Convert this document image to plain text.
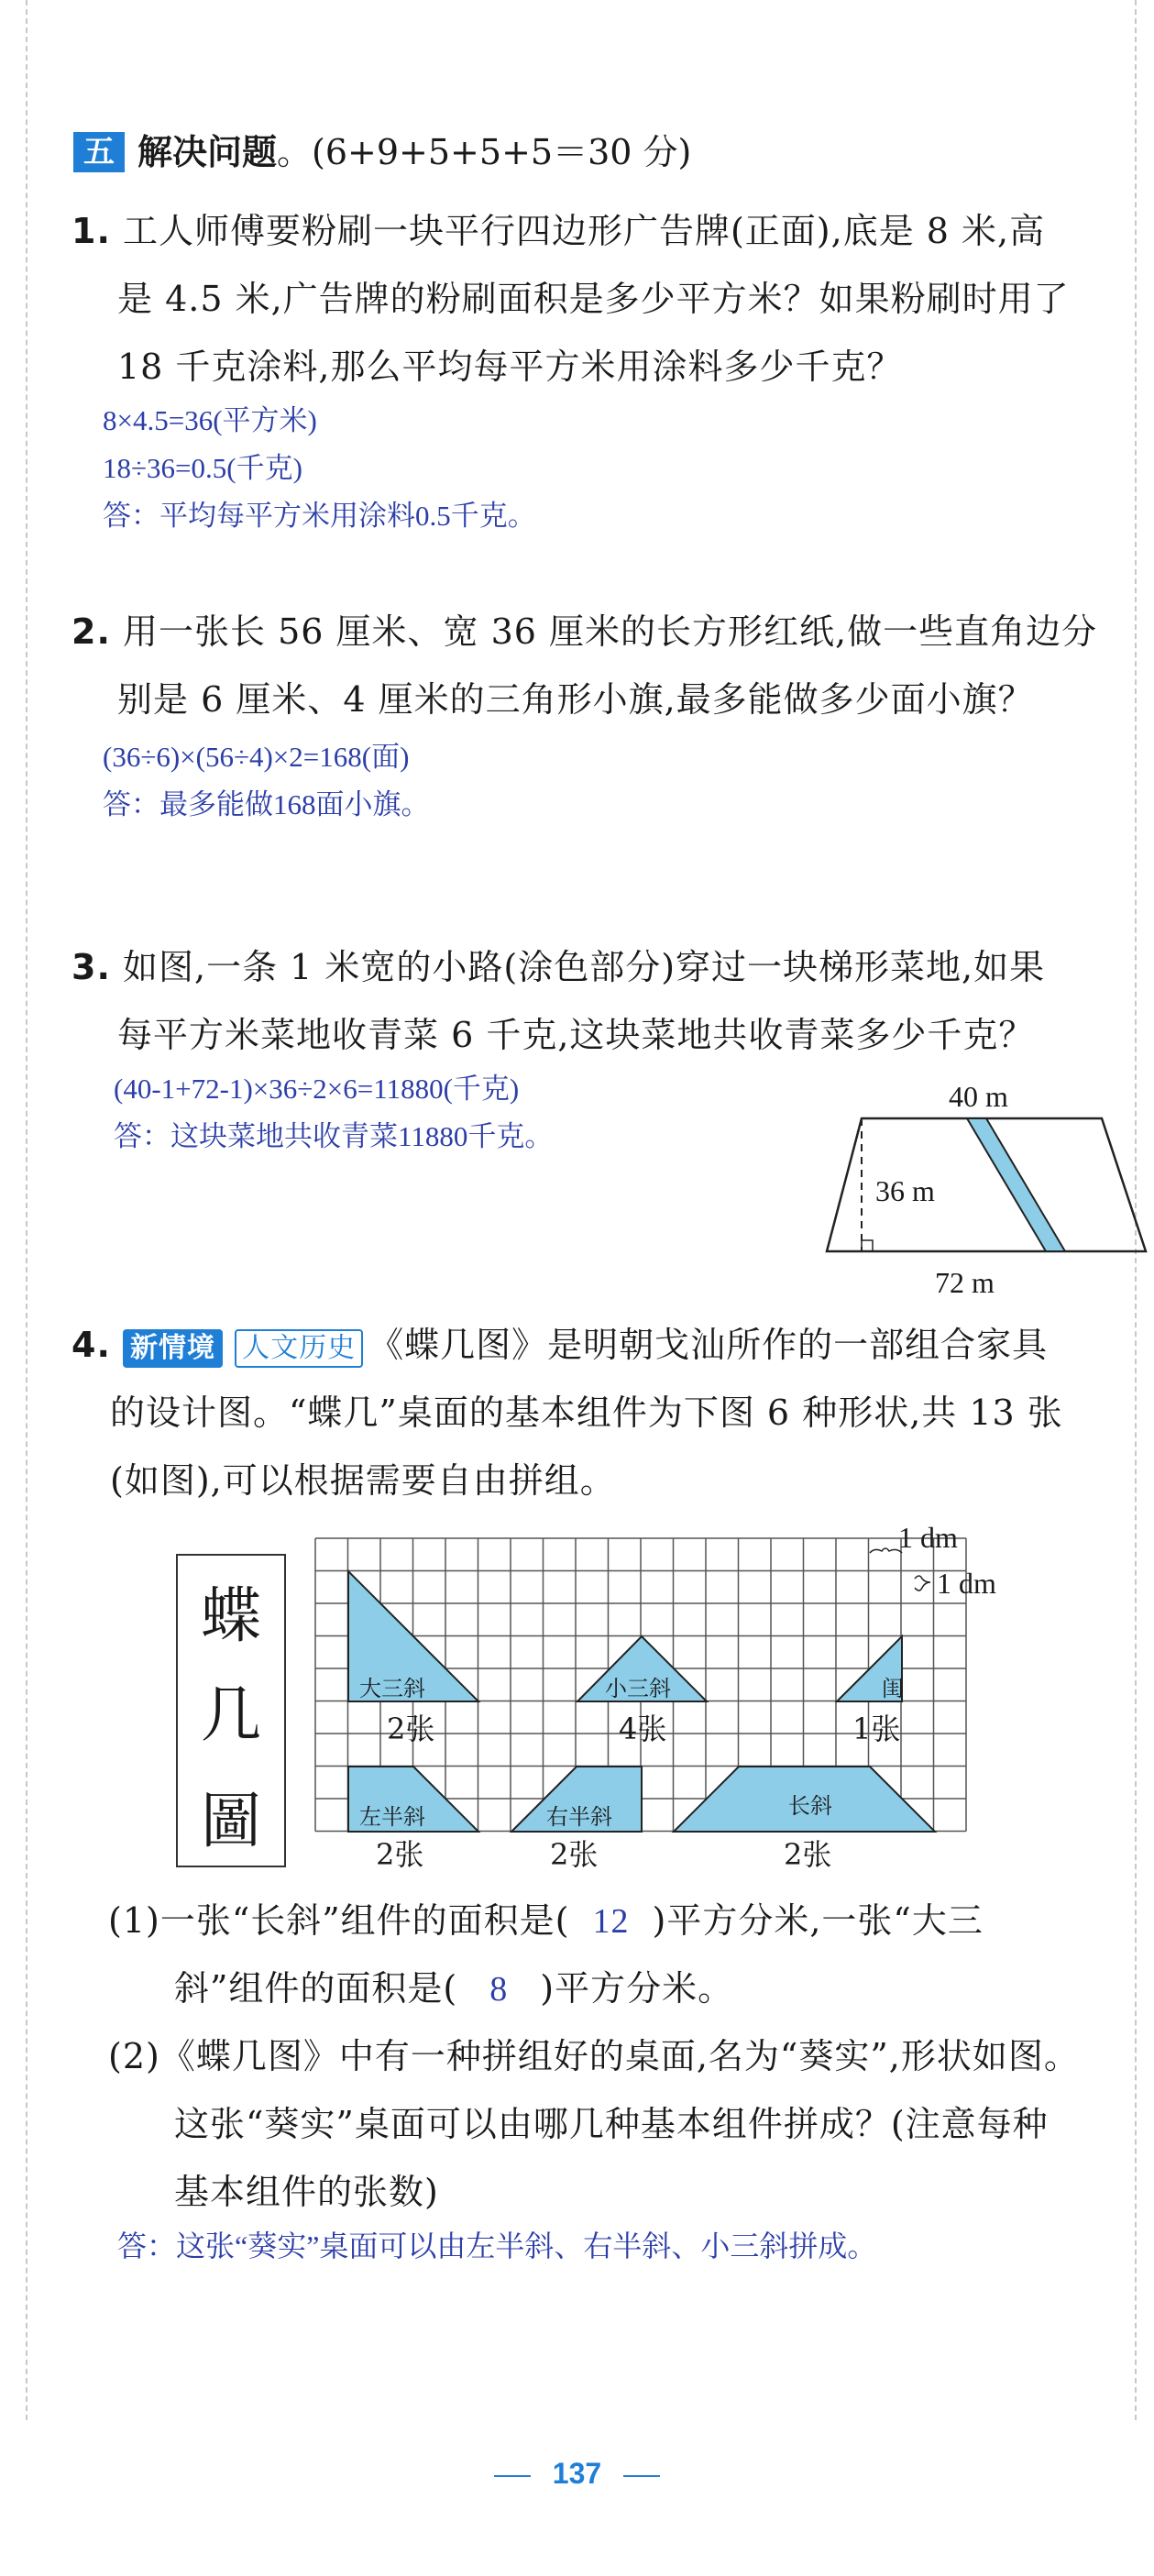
五 解决问题。(6+9+5+5+5＝30 分)
1. 工人师傅要粉刷一块平行四边形广告牌(正面),底是 8 米,高
是 4.5 米,广告牌的粉刷面积是多少平方米？如果粉刷时用了
18 千克涂料,那么平均每平方米用涂料多少千克？
8×4.5=36(平方米)
18÷36=0.5(千克)
答：平均每平方米用涂料0.5千克。
2. 用一张长 56 厘米、宽 36 厘米的长方形红纸,做一些直角边分
别是 6 厘米、4 厘米的三角形小旗,最多能做多少面小旗？
(36÷6)×(56÷4)×2=168(面)
答：最多能做168面小旗。
3. 如图,一条 1 米宽的小路(涂色部分)穿过一块梯形菜地,如果
每平方米菜地收青菜 6 千克,这块菜地共收青菜多少千克？
(40-1+72-1)×36÷2×6=11880(千克)
答：这块菜地共收青菜11880千克。
40 m
36 m
72 m
4. 新情境 人文历史 《蝶几图》是明朝戈汕所作的一部组合家具
的设计图。“蝶几”桌面的基本组件为下图 6 种形状,共 13 张
(如图),可以根据需要自由拼组。
蝶
几
圖
大三斜
2张
小三斜
4张
闺
1张
左半斜
2张
右半斜
2张
长斜
2张
1 dm
1 dm
(1)一张“长斜”组件的面积是( 12 )平方分米,一张“大三
斜”组件的面积是( 8 )平方分米。
(2)《蝶几图》中有一种拼组好的桌面,名为“葵实”,形状如图。
这张“葵实”桌面可以由哪几种基本组件拼成？(注意每种
基本组件的张数)
答：这张“葵实”桌面可以由左半斜、右半斜、小三斜拼成。
137
